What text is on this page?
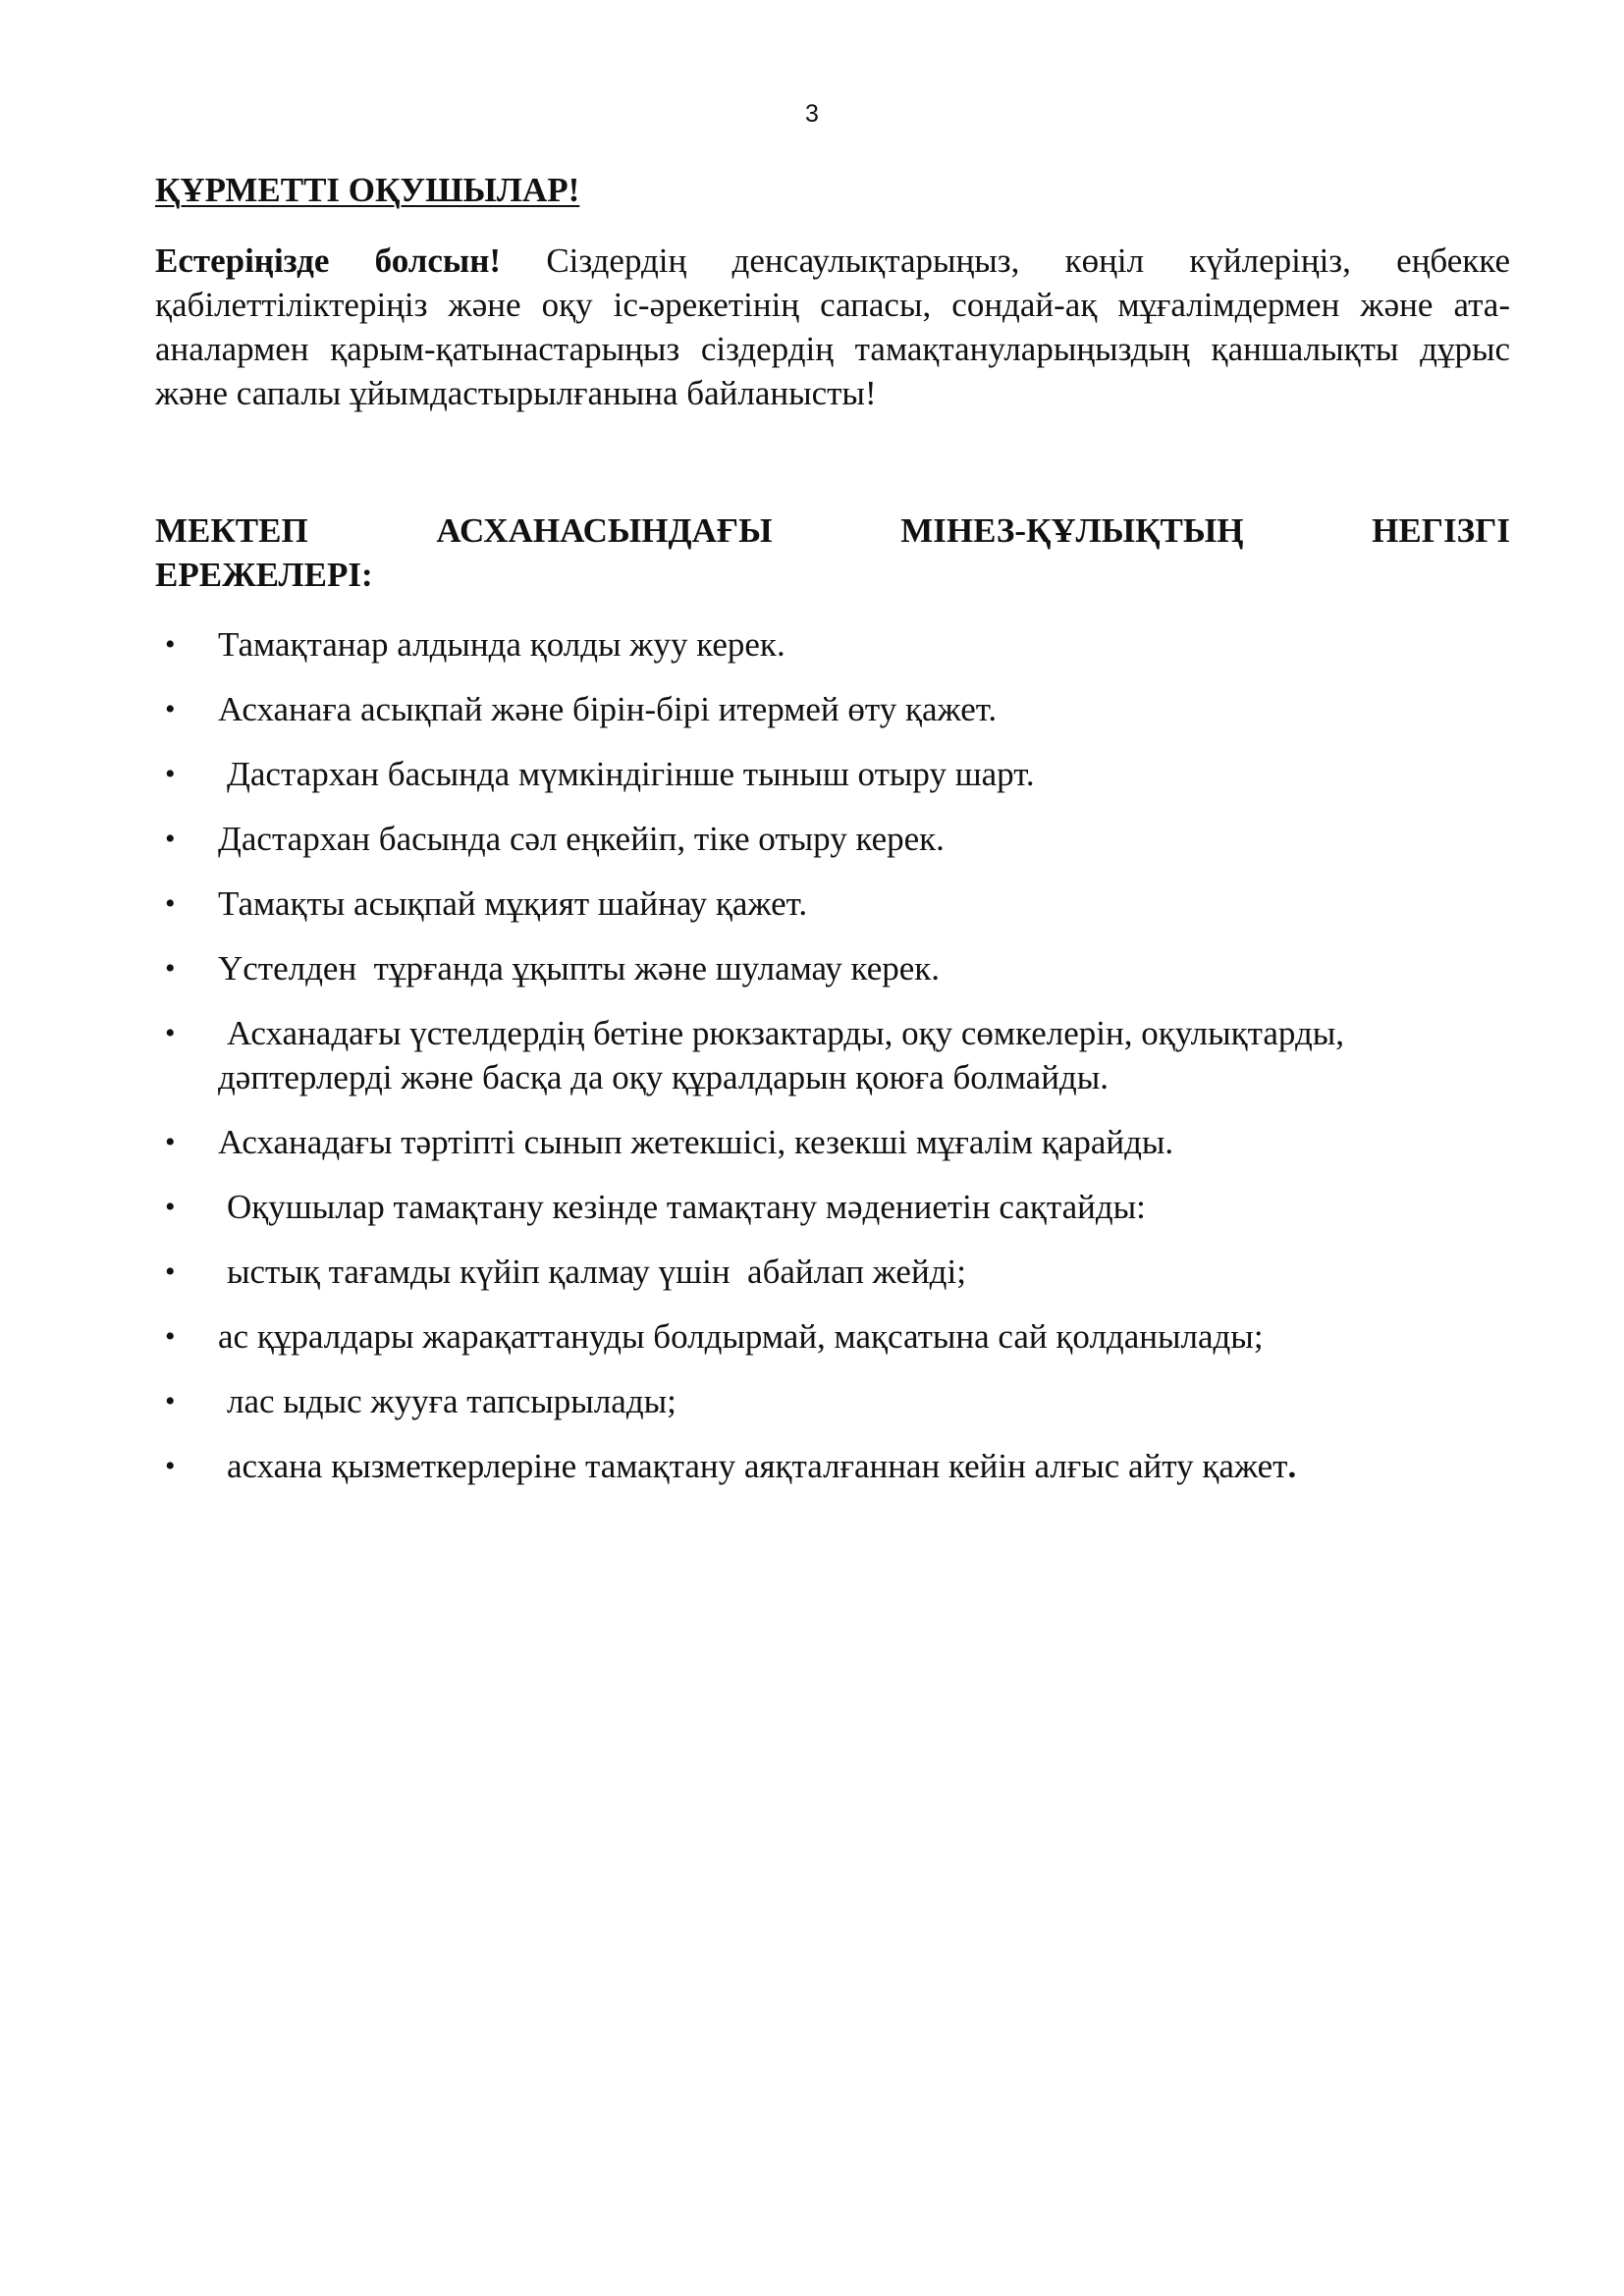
3
ҚҰРМЕТТІ ОҚУШЫЛАР!
Естеріңізде болсын! Сіздердің денсаулықтарыңыз, көңіл күйлеріңіз, еңбекке қабілеттіліктеріңіз және оқу іс-әрекетінің сапасы, сондай-ақ мұғалімдермен және ата-аналармен қарым-қатынастарыңыз сіздердің тамақтануларыңыздың қаншалықты дұрыс және сапалы ұйымдастырылғанына байланысты!
МЕКТЕП	АСХАНАСЫНДАҒЫ	МІНЕЗ-ҚҰЛЫҚТЫҢ	НЕГІЗГІ
ЕРЕЖЕЛЕРІ:
• Тамақтанар алдында қолды жуу керек.
• Асханаға асықпай және бірін-бірі итермей өту қажет.
• Дастархан басында мүмкіндігінше тыныш отыру шарт.
• Дастархан басында сәл еңкейіп, тіке отыру керек.
• Тамақты асықпай мұқият шайнау қажет.
• Үстелден  тұрғанда ұқыпты және шуламау керек.
• Асханадағы үстелдердің бетіне рюкзактарды, оқу сөмкелерін, оқулықтарды, дәптерлерді және басқа да оқу құралдарын қоюға болмайды.
• Асханадағы тәртіпті сынып жетекшісі, кезекші мұғалім қарайды.
• Оқушылар тамақтану кезінде тамақтану мәдениетін сақтайды:
• ыстық тағамды күйіп қалмау үшін  абайлап жейді;
• ас құралдары жарақаттануды болдырмай, мақсатына сай қолданылады;
• лас ыдыс жууға тапсырылады;
• асхана қызметкерлеріне тамақтану аяқталғаннан кейін алғыс айту қажет.
